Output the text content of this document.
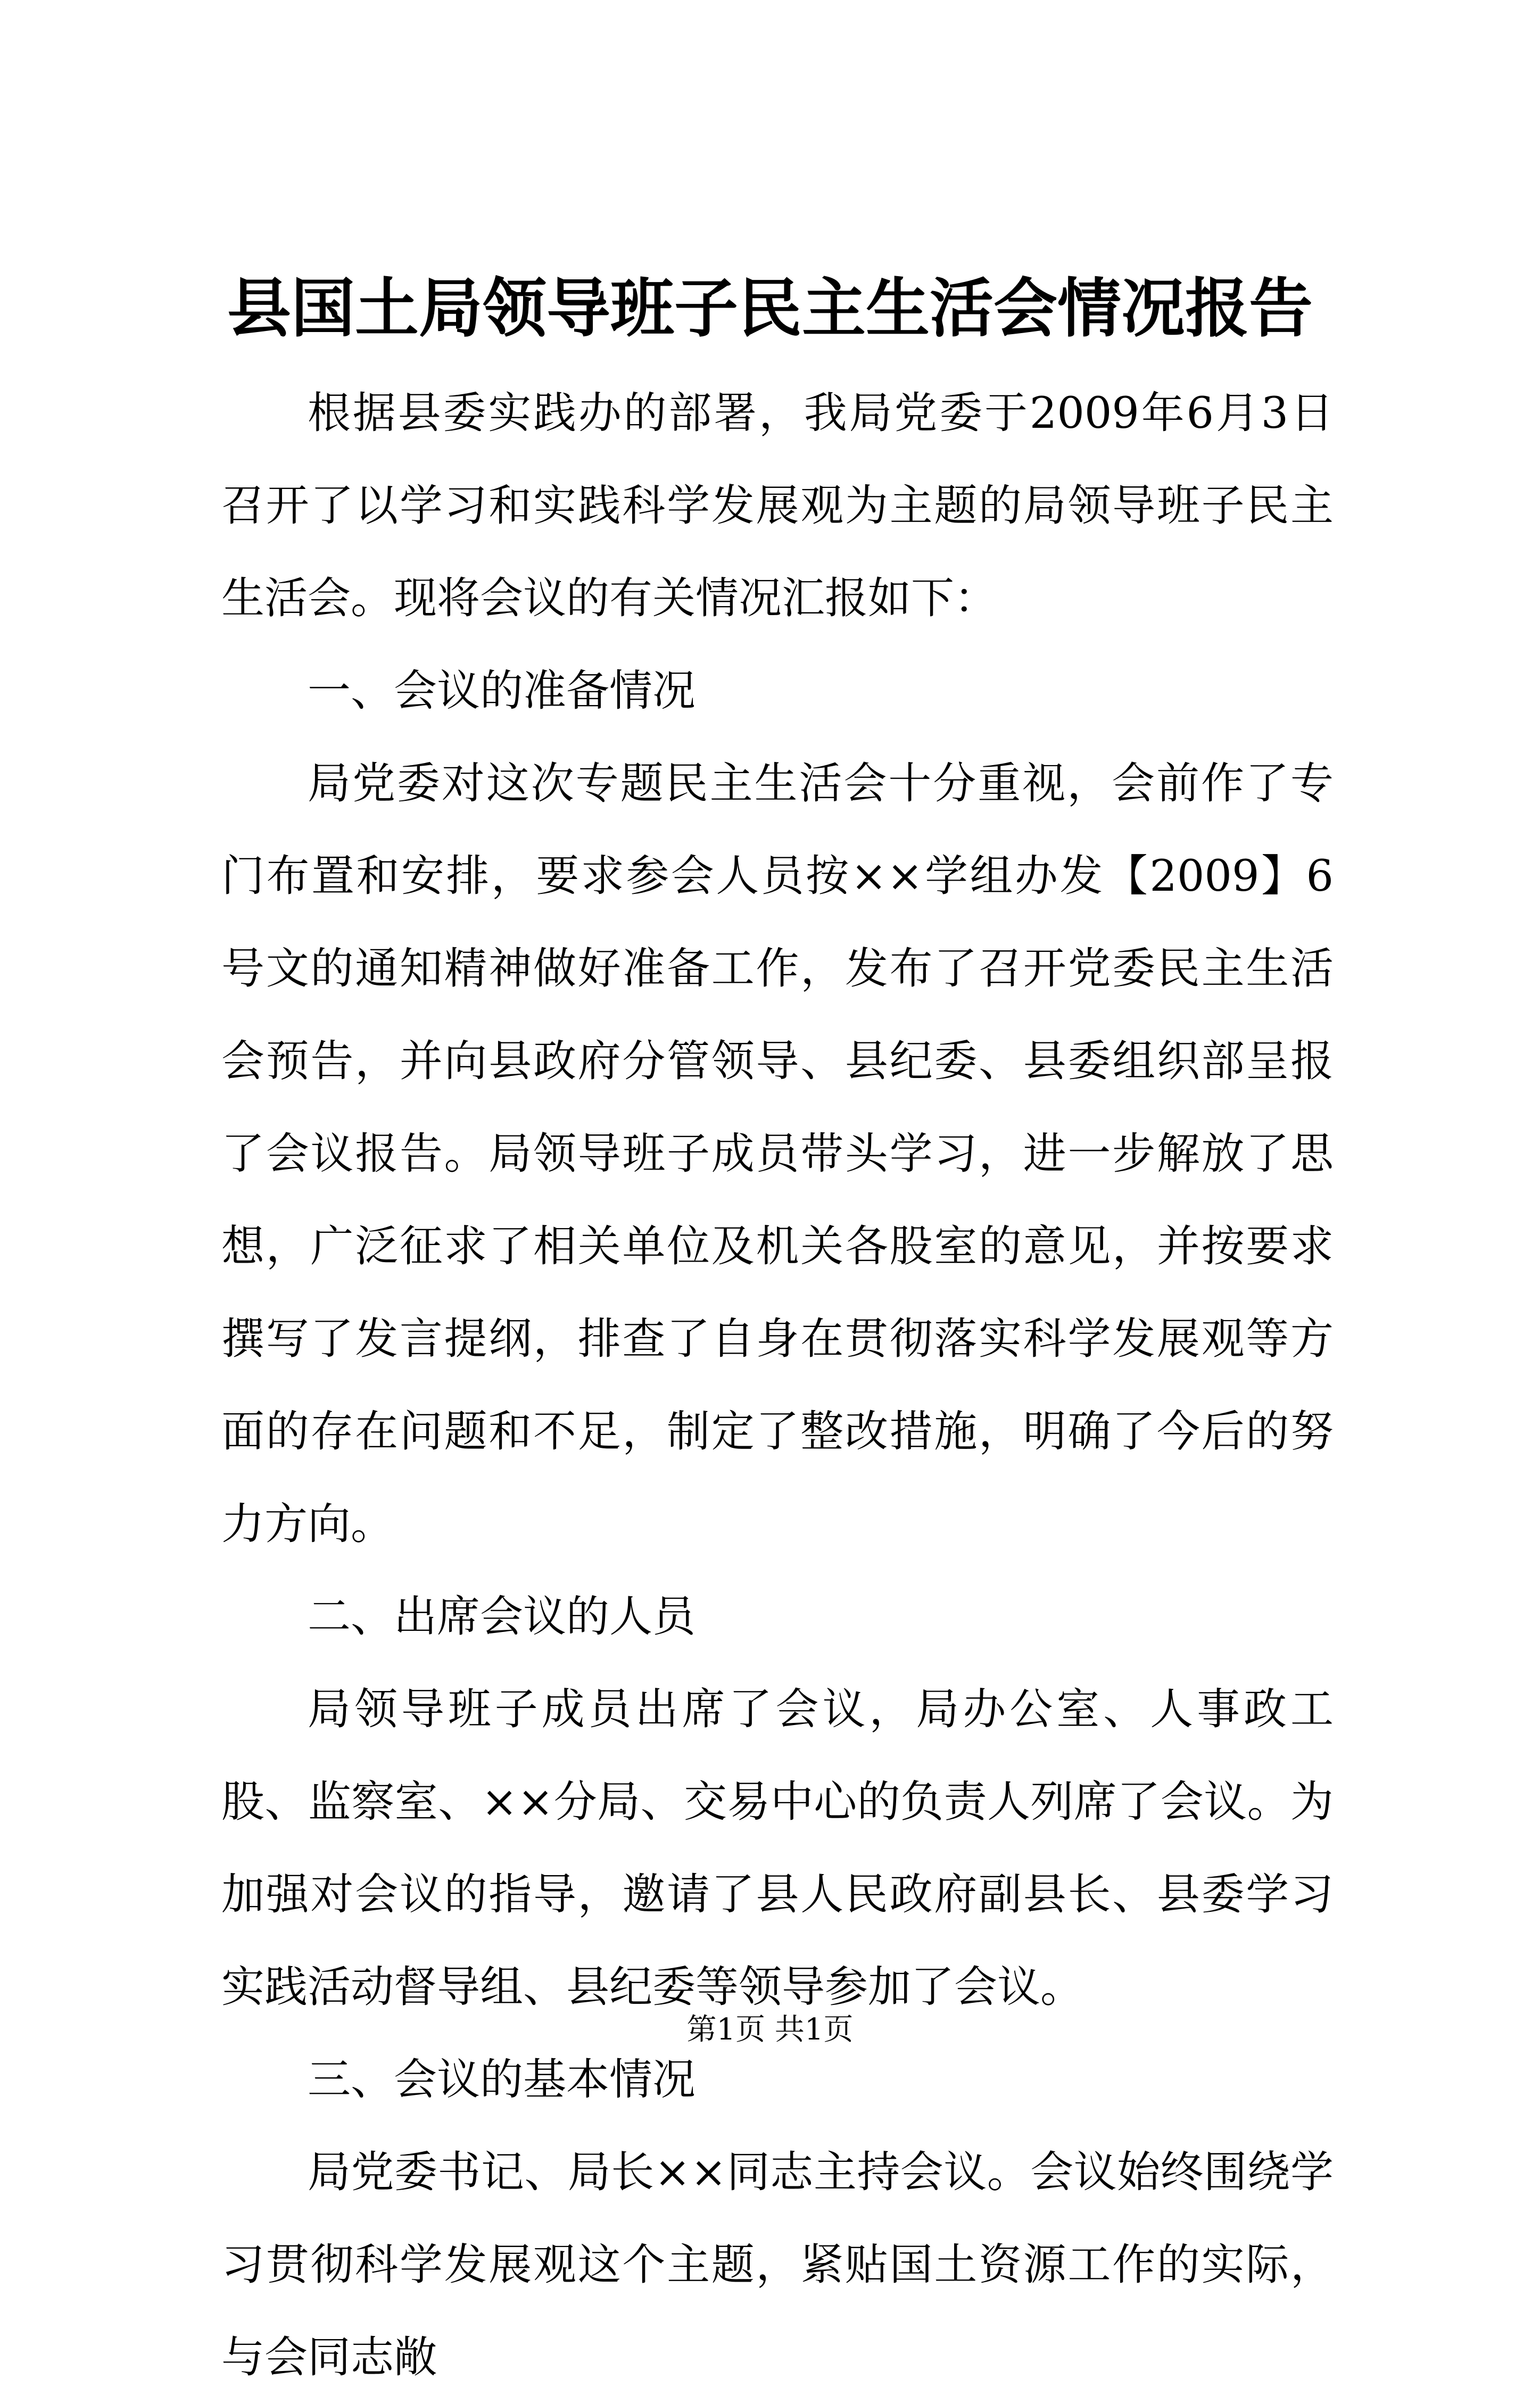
县国土局领导班子民主生活会情况报告

根据县委实践办的部署，我局党委于2009年6月3日召开了以学习和实践科学发展观为主题的局领导班子民主生活会。现将会议的有关情况汇报如下：

一、会议的准备情况

局党委对这次专题民主生活会十分重视，会前作了专门布置和安排，要求参会人员按××学组办发【2009】6号文的通知精神做好准备工作，发布了召开党委民主生活会预告，并向县政府分管领导、县纪委、县委组织部呈报了会议报告。局领导班子成员带头学习，进一步解放了思想，广泛征求了相关单位及机关各股室的意见，并按要求撰写了发言提纲，排查了自身在贯彻落实科学发展观等方面的存在问题和不足，制定了整改措施，明确了今后的努力方向。

二、出席会议的人员

局领导班子成员出席了会议，局办公室、人事政工股、监察室、××分局、交易中心的负责人列席了会议。为加强对会议的指导，邀请了县人民政府副县长、县委学习实践活动督导组、县纪委等领导参加了会议。

三、会议的基本情况

局党委书记、局长××同志主持会议。会议始终围绕学习贯彻科学发展观这个主题，紧贴国土资源工作的实际，与会同志敞

第1页 共1页
